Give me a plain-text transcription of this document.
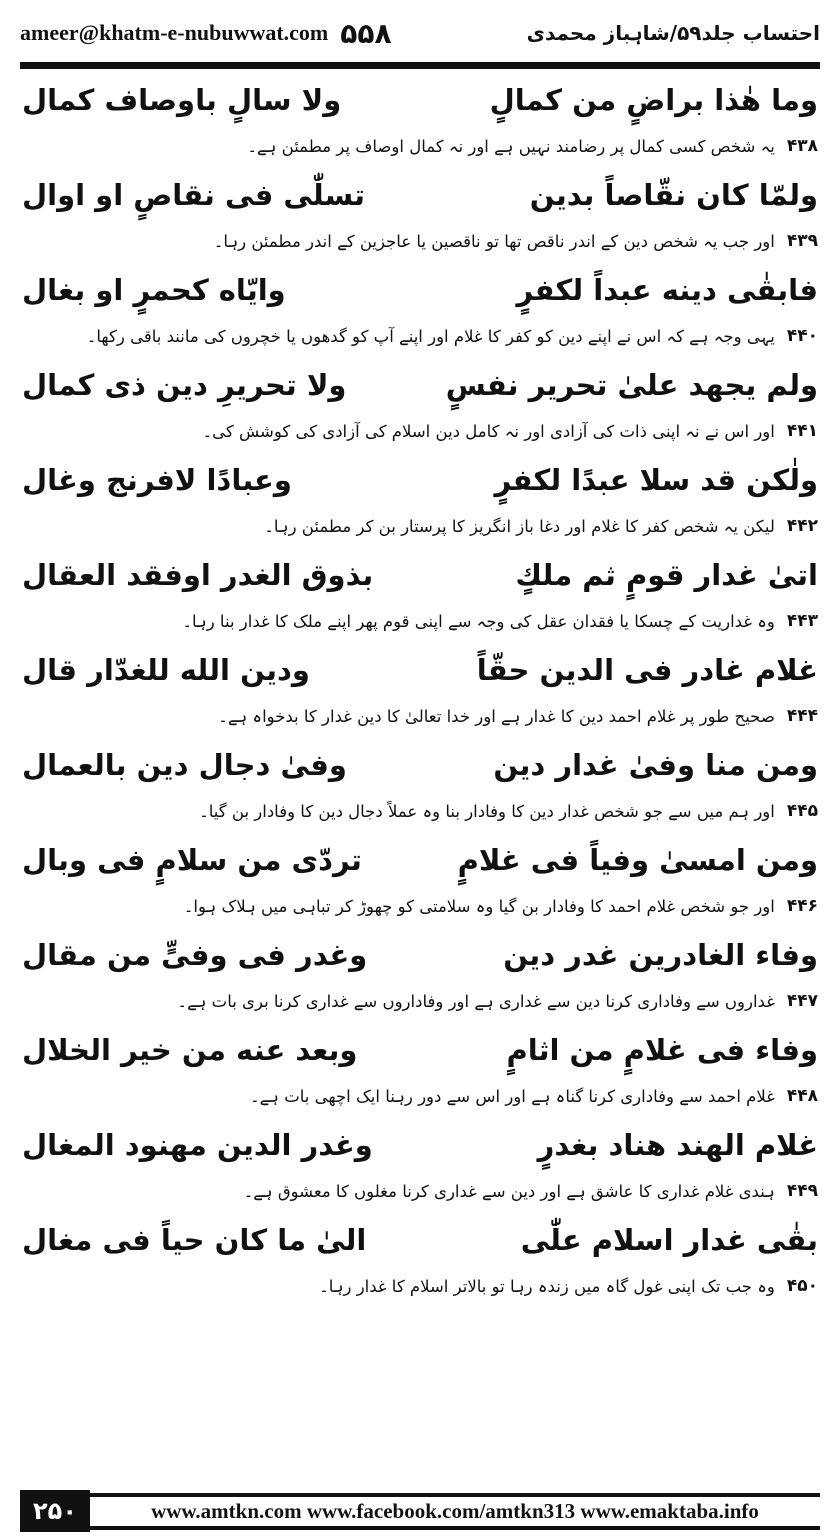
ameer@khatm-e-nubuwwat.com ۵۵۸	احتساب جلد۵۹/شاہباز محمدی
وما هٰذا براضٍ من كمالٍ
ولا سالٍ باوصاف كمال
۴۳۸
یہ شخص کسی کمال پر رضامند نہیں ہے اور نہ کمال اوصاف پر مطمئن ہے۔
ولمّا كان نقّاصاً بدين
تسلّٰى فى نقاصٍ او اوال
۴۳۹
اور جب یہ شخص دین کے اندر ناقص تھا تو ناقصین یا عاجزین کے اندر مطمئن رہا۔
فابقٰى دينه عبداً لكفرٍ
وايّاه كحمرٍ او بغال
۴۴۰
یہی وجہ ہے کہ اس نے اپنے دین کو کفر کا غلام اور اپنے آپ کو گدھوں یا خچروں کی مانند باقی رکھا۔
ولم يجهد علىٰ تحرير نفسٍ
ولا تحريرِ دين ذى كمال
۴۴۱
اور اس نے نہ اپنی ذات کی آزادی اور نہ کامل دین اسلام کی آزادی کی کوشش کی۔
ولٰكن قد سلا عبدًا لكفرٍ
وعبادًا لافرنج وغال
۴۴۲
لیکن یہ شخص کفر کا غلام اور دغا باز انگریز کا پرستار بن کر مطمئن رہا۔
اتىٰ غدار قومٍ ثم ملكٍ
بذوق الغدر اوفقد العقال
۴۴۳
وہ غداریت کے چسکا یا فقدان عقل کی وجہ سے اپنی قوم پھر اپنے ملک کا غدار بنا رہا۔
غلام غادر فى الدين حقّاً
ودين الله للغدّار قال
۴۴۴
صحیح طور پر غلام احمد دین کا غدار ہے اور خدا تعالیٰ کا دین غدار کا بدخواہ ہے۔
ومن منا وفىٰ غدار دين
وفىٰ دجال دين بالعمال
۴۴۵
اور ہم میں سے جو شخص غدار دین کا وفادار بنا وہ عملاً دجال دین کا وفادار بن گیا۔
ومن امسىٰ وفياً فى غلامٍ
تردّى من سلامٍ فى وبال
۴۴۶
اور جو شخص غلام احمد کا وفادار بن گیا وہ سلامتی کو چھوڑ کر تباہی میں ہلاک ہوا۔
وفاء الغادرين غدر دين
وغدر فى وفىٍّ من مقال
۴۴۷
غداروں سے وفاداری کرنا دین سے غداری ہے اور وفاداروں سے غداری کرنا بری بات ہے۔
وفاء فى غلامٍ من اثامٍ
وبعد عنه من خير الخلال
۴۴۸
غلام احمد سے وفاداری کرنا گناہ ہے اور اس سے دور رہنا ایک اچھی بات ہے۔
غلام الهند هناد بغدرٍ
وغدر الدين مهنود المغال
۴۴۹
ہندی غلام غداری کا عاشق ہے اور دین سے غداری کرنا مغلوں کا معشوق ہے۔
بقٰى غدار اسلام علّٰى
الىٰ ما كان حياً فى مغال
۴۵۰
وہ جب تک اپنی غول گاہ میں زندہ رہا تو بالاتر اسلام کا غدار رہا۔
۲۵۰	www.amtkn.com www.facebook.com/amtkn313 www.emaktaba.info
